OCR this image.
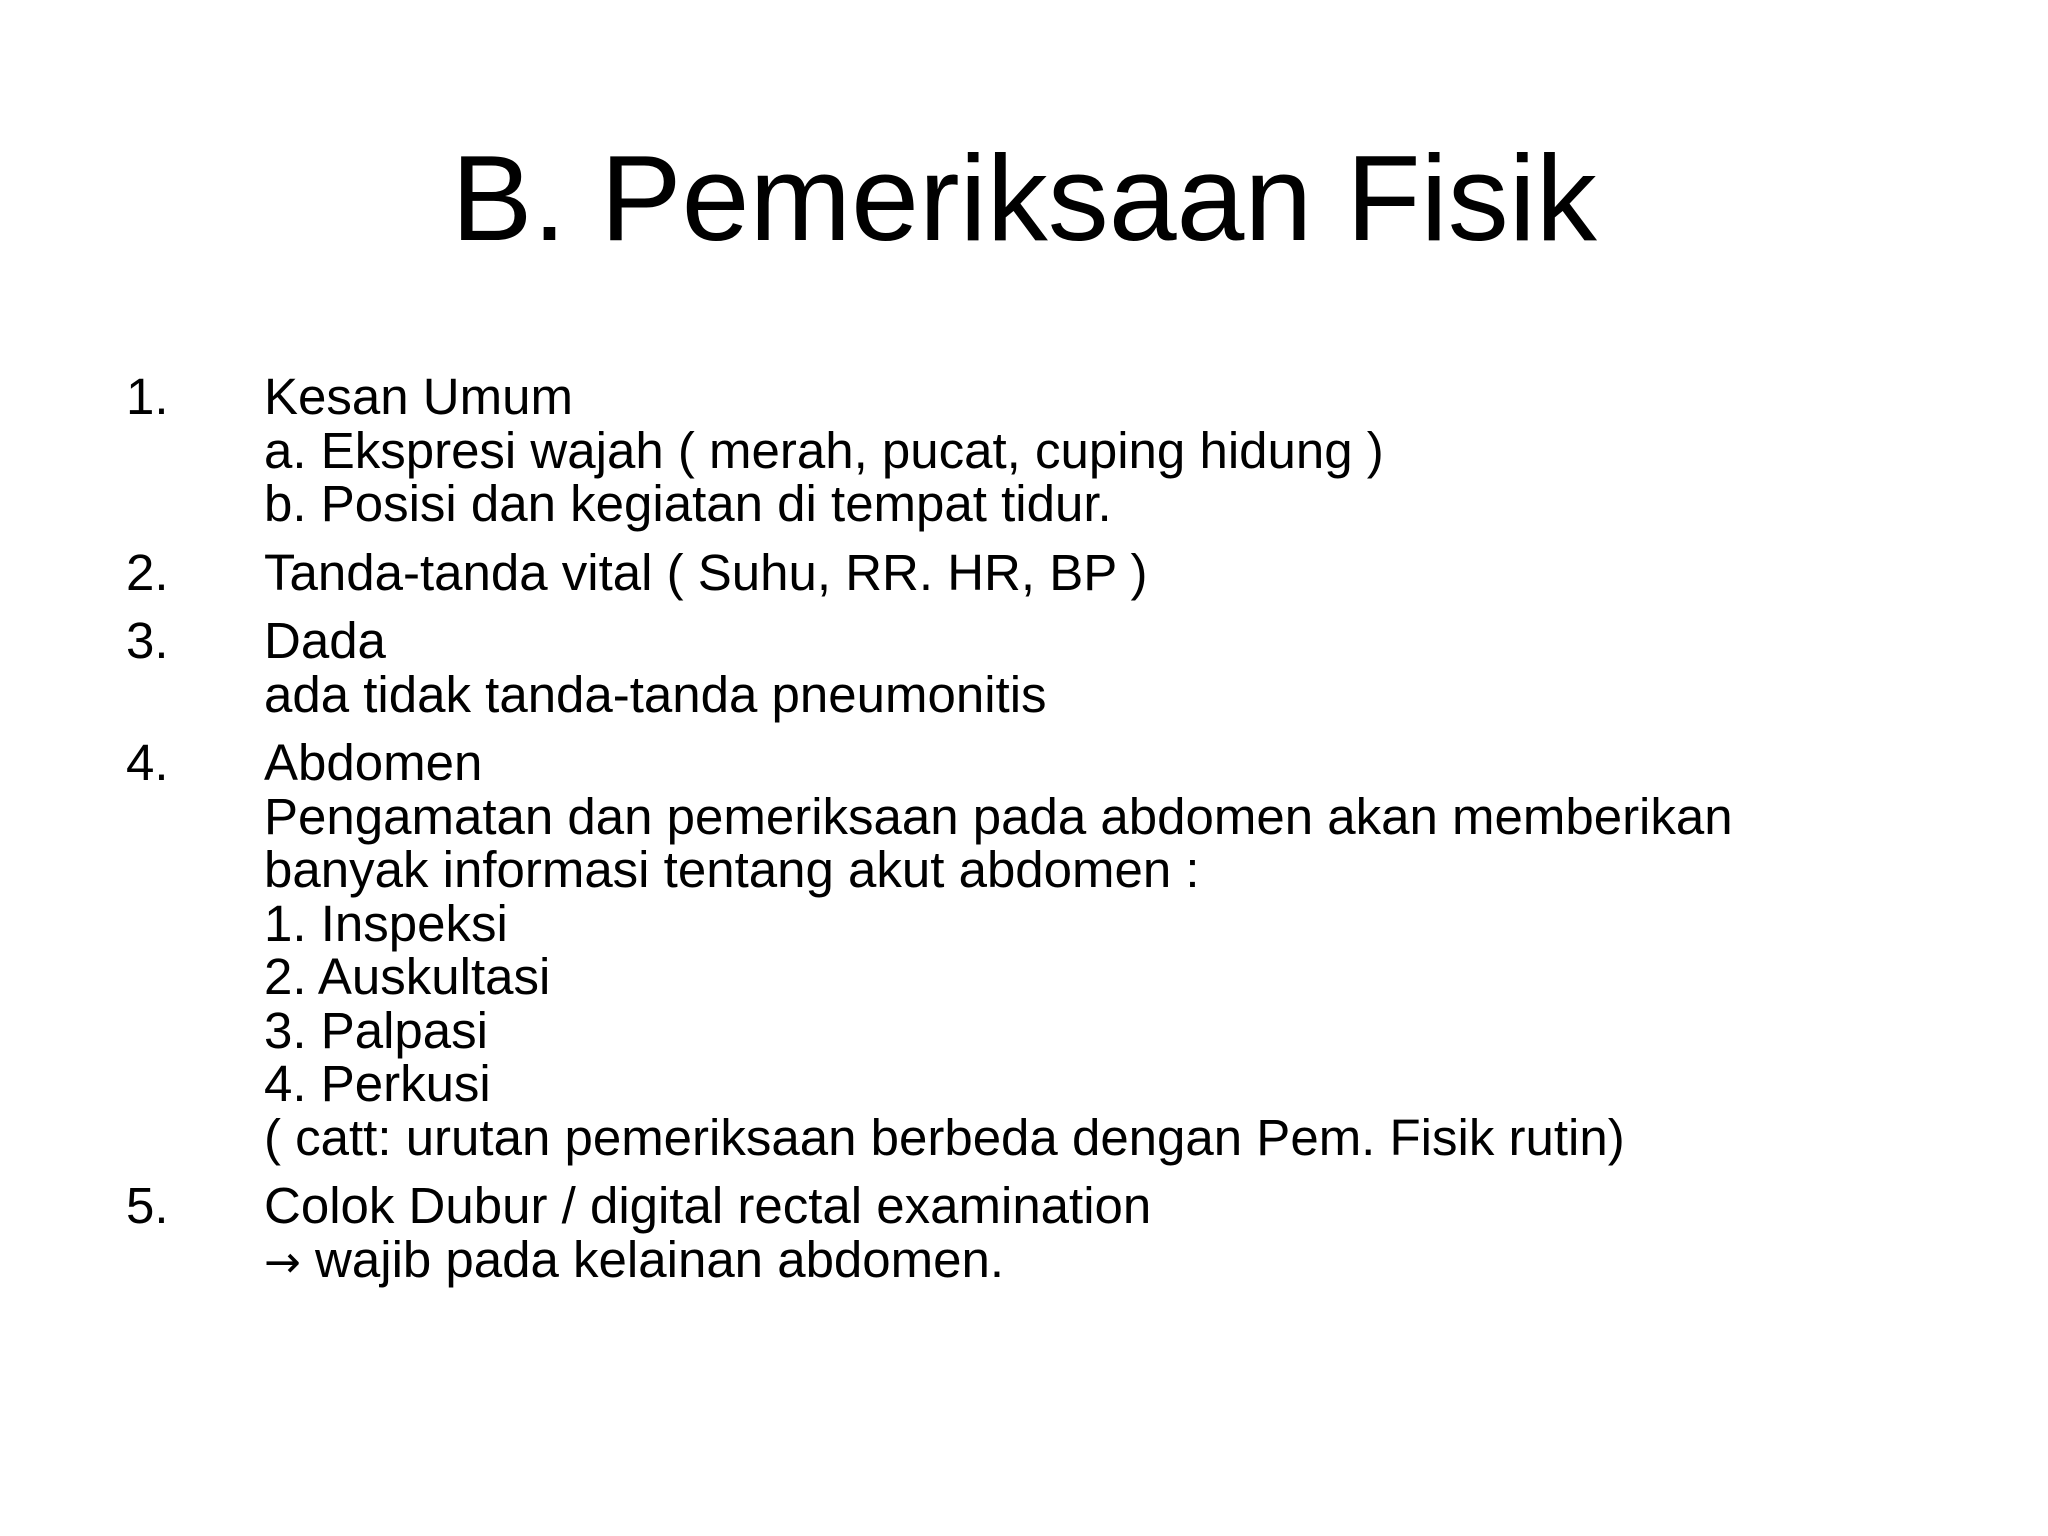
B. Pemeriksaan Fisik
1.	Kesan Umum
a. Ekspresi wajah ( merah, pucat, cuping hidung )
b. Posisi dan kegiatan di tempat tidur.
2.	Tanda-tanda vital ( Suhu, RR. HR, BP )
3.	Dada
ada tidak tanda-tanda pneumonitis
4.	Abdomen
Pengamatan dan pemeriksaan pada abdomen akan memberikan
banyak informasi tentang akut abdomen :
1. Inspeksi
2. Auskultasi
3. Palpasi
4. Perkusi
( catt: urutan pemeriksaan berbeda dengan Pem. Fisik rutin)
5.	Colok Dubur / digital rectal examination
→ wajib pada kelainan abdomen.
